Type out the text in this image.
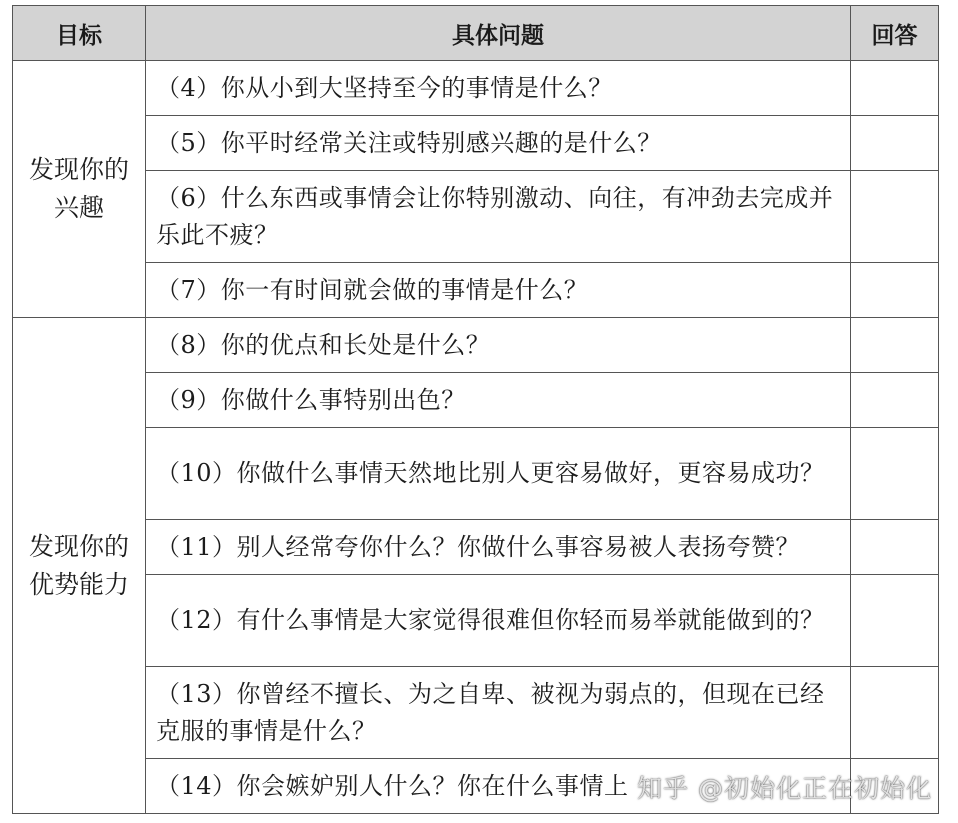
目标	具体问题	回答
发现你的
兴趣	（4）你从小到大坚持至今的事情是什么？	
	（5）你平时经常关注或特别感兴趣的是什么？	
	（6）什么东西或事情会让你特别激动、向往，有冲劲去完成并乐此不疲？	
	（7）你一有时间就会做的事情是什么？	
发现你的
优势能力	（8）你的优点和长处是什么？	
	（9）你做什么事特别出色？	
	（10）你做什么事情天然地比别人更容易做好，更容易成功？	
	（11）别人经常夸你什么？你做什么事容易被人表扬夸赞？	
	（12）有什么事情是大家觉得很难但你轻而易举就能做到的？	
	（13）你曾经不擅长、为之自卑、被视为弱点的，但现在已经克服的事情是什么？	
	（14）你会嫉妒别人什么？你在什么事情上	知乎 @初始化正在初始化
